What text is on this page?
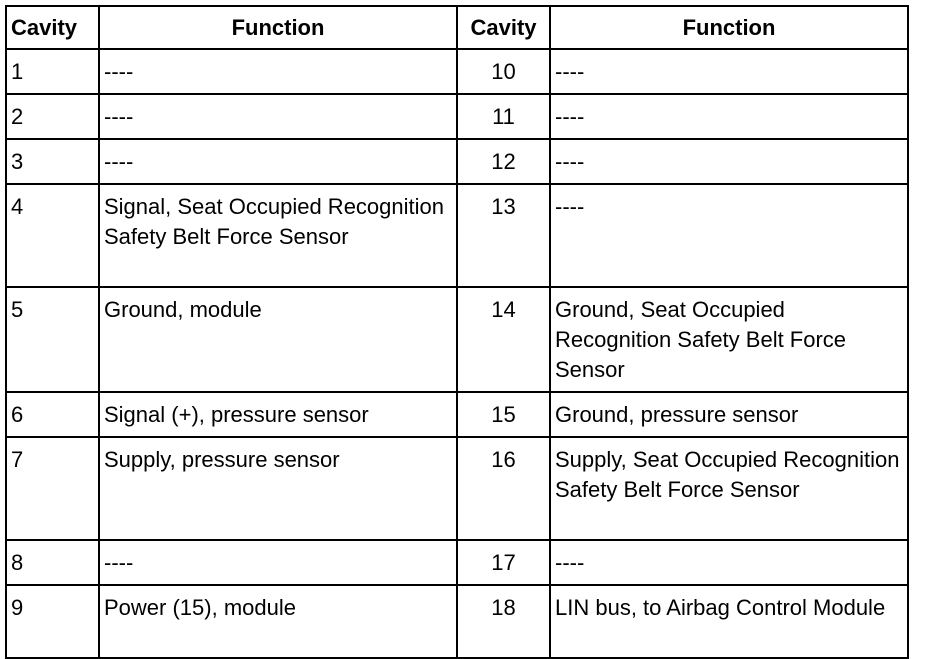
Cavity	Function	Cavity	Function
1	----	10	----
2	----	11	----
3	----	12	----
4	Signal, Seat Occupied Recognition Safety Belt Force Sensor	13	----
5	Ground, module	14	Ground, Seat Occupied Recognition Safety Belt Force Sensor
6	Signal (+), pressure sensor	15	Ground, pressure sensor
7	Supply, pressure sensor	16	Supply, Seat Occupied Recognition Safety Belt Force Sensor
8	----	17	----
9	Power (15), module	18	LIN bus, to Airbag Control Module
